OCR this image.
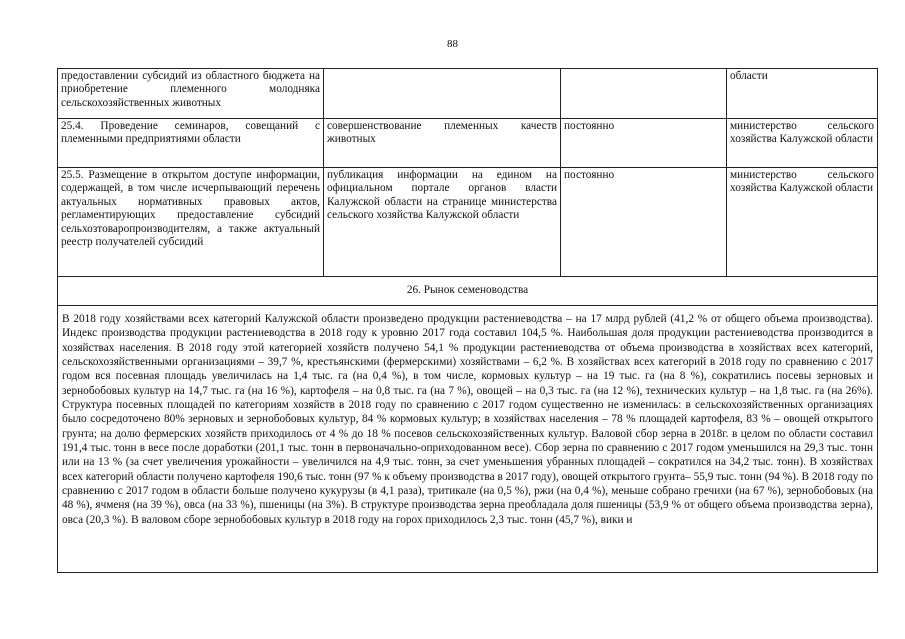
88
предоставлении субсидий из областного бюджета на приобретение племенного молодняка сельскохозяйственных животных			области
25.4. Проведение семинаров, совещаний с племенными предприятиями области	совершенствование племенных качеств животных	постоянно	министерство сельского хозяйства Калужской области
25.5. Размещение в открытом доступе информации, содержащей, в том числе исчерпывающий перечень актуальных нормативных правовых актов, регламентирующих предоставление субсидий сельхозтоваропроизводителям, а также актуальный реестр получателей субсидий	публикация информации на едином на официальном портале органов власти Калужской области на странице министерства сельского хозяйства Калужской области	постоянно	министерство сельского хозяйства Калужской области
26. Рынок семеноводства			

В 2018 году хозяйствами всех категорий Калужской области произведено продукции растениеводства – на 17 млрд рублей (41,2 % от общего объема производства). Индекс производства продукции растениеводства в 2018 году к уровню 2017 года составил 104,5 %. Наибольшая доля продукции растениеводства производится в хозяйствах населения. В 2018 году этой категорией хозяйств получено 54,1 % продукции растениеводства от объема производства в хозяйствах всех категорий, сельскохозяйственными организациями – 39,7 %, крестьянскими (фермерскими) хозяйствами – 6,2 %. В хозяйствах всех категорий в 2018 году по сравнению с 2017 годом вся посевная площадь увеличилась на 1,4 тыс. га (на 0,4 %), в том числе, кормовых культур – на 19 тыс. га (на 8 %), сократились посевы зерновых и зернобобовых культур на 14,7 тыс. га (на 16 %), картофеля – на 0,8 тыс. га (на 7 %), овощей – на 0,3 тыс. га (на 12 %), технических культур – на 1,8 тыс. га (на 26%). Структура посевных площадей по категориям хозяйств в 2018 году по сравнению с 2017 годом существенно не изменилась: в сельскохозяйственных организациях было сосредоточено 80% зерновых и зернобобовых культур, 84 % кормовых культур; в хозяйствах населения – 78 % площадей картофеля, 83 % – овощей открытого грунта; на долю фермерских хозяйств приходилось от 4 % до 18 % посевов сельскохозяйственных культур. Валовой сбор зерна в 2018г. в целом по области составил 191,4 тыс. тонн в весе после доработки (201,1 тыс. тонн в первоначально-оприходованном весе). Сбор зерна по сравнению с 2017 годом уменьшился на 29,3 тыс. тонн или на 13 % (за счет увеличения урожайности – увеличился на 4,9 тыс. тонн, за счет уменьшения убранных площадей – сократился на 34,2 тыс. тонн). В хозяйствах всех категорий области получено картофеля 190,6 тыс. тонн (97 % к объему производства в 2017 году), овощей открытого грунта– 55,9 тыс. тонн (94 %). В 2018 году по сравнению с 2017 годом в области больше получено кукурузы (в 4,1 раза), тритикале (на 0,5 %), ржи (на 0,4 %), меньше собрано гречихи (на 67 %), зернобобовых (на 48 %), ячменя (на 39 %), овса (на 33 %), пшеницы (на 3%). В структуре производства зерна преобладала доля пшеницы (53,9 % от общего объема производства зерна), овса (20,3 %). В валовом сборе зернобобовых культур в 2018 году на горох приходилось 2,3 тыс. тонн (45,7 %), вики и			
